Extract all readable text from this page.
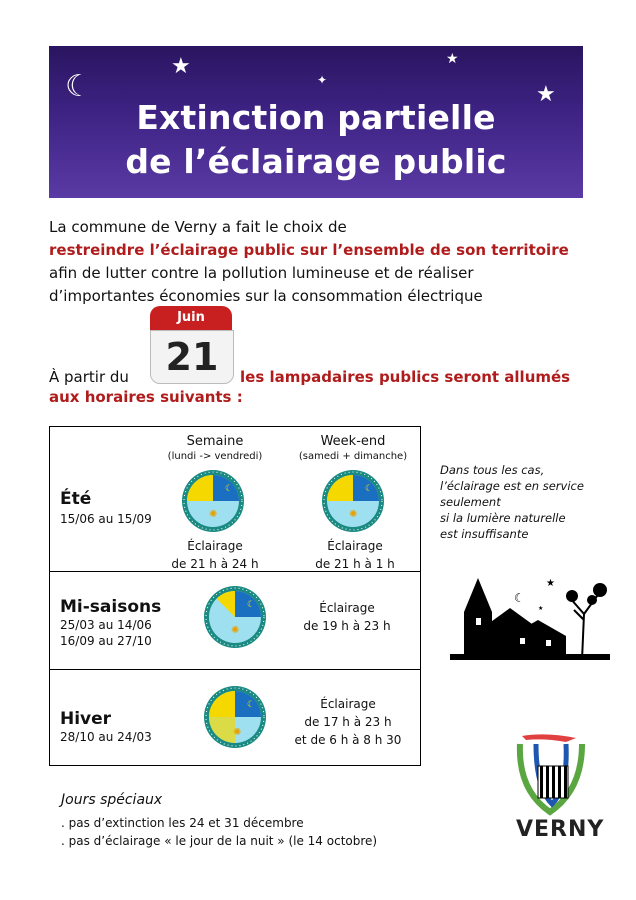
☾
★
✦
★
★
Extinction partielle
de l’éclairage public
La commune de Verny a fait le choix de
restreindre l’éclairage public sur l’ensemble de son territoire
afin de lutter contre la pollution lumineuse et de réaliser
d’importantes économies sur la consommation électrique
Juin
21
À partir du	les lampadaires publics seront allumés
aux horaires suivants :
Semaine
(lundi -> vendredi)
Week-end
(samedi + dimanche)
Été
15/06 au 15/09
☾
✺
☾
✺
Éclairage
de 21 h à 24 h
Éclairage
de 21 h à 1 h
Mi-saisons
25/03 au 14/06
16/09 au 27/10
☾
✺
Éclairage
de 19 h à 23 h
Hiver
28/10 au 24/03
☾
✺
Éclairage
de 17 h à 23 h
et de 6 h à 8 h 30
Dans tous les cas,
l’éclairage est en service
seulement
si la lumière naturelle
est insuffisante
☾
★
★
Jours spéciaux
. pas d’extinction les 24 et 31 décembre
. pas d’éclairage « le jour de la nuit » (le 14 octobre)	VERNY
